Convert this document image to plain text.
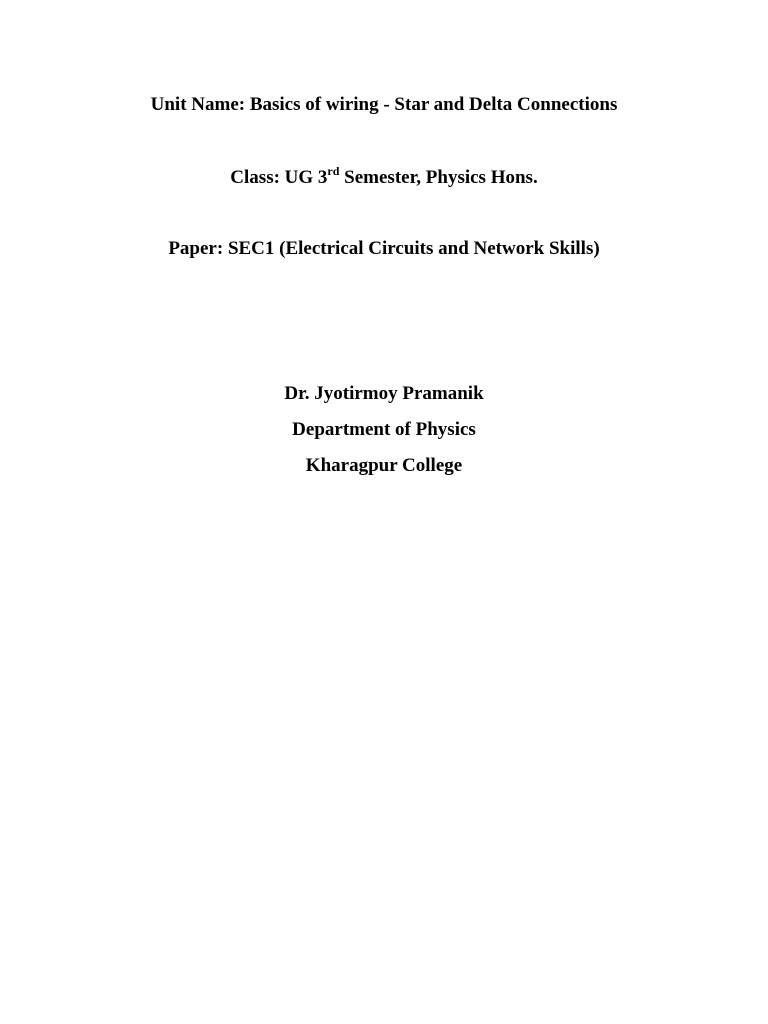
Unit Name: Basics of wiring - Star and Delta Connections
Class: UG 3rd Semester, Physics Hons.
Paper: SEC1 (Electrical Circuits and Network Skills)
Dr. Jyotirmoy Pramanik
Department of Physics
Kharagpur College
